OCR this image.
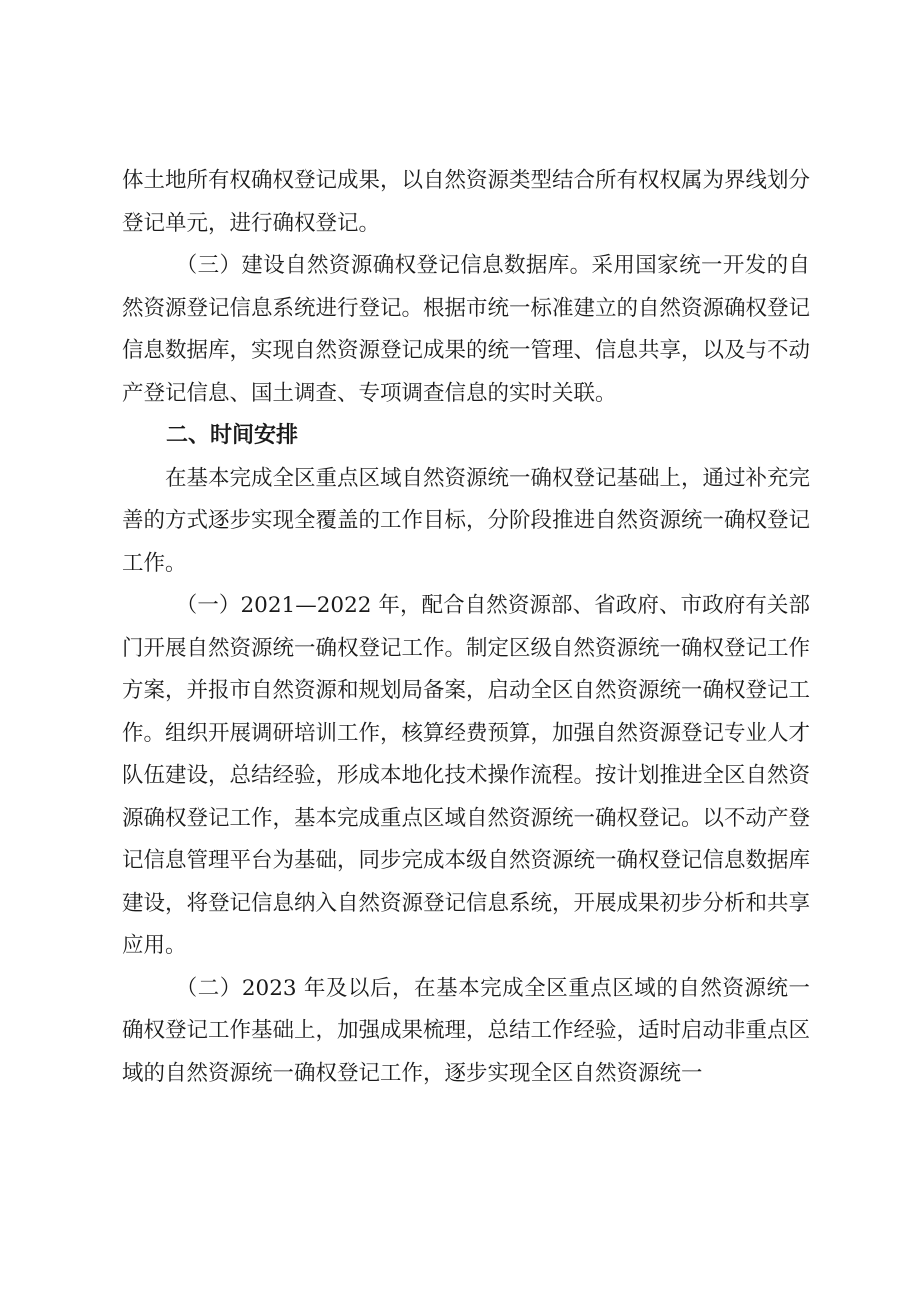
体土地所有权确权登记成果，以自然资源类型结合所有权权属为界线划分登记单元，进行确权登记。

（三）建设自然资源确权登记信息数据库。采用国家统一开发的自然资源登记信息系统进行登记。根据市统一标准建立的自然资源确权登记信息数据库，实现自然资源登记成果的统一管理、信息共享，以及与不动产登记信息、国土调查、专项调查信息的实时关联。

二、时间安排

在基本完成全区重点区域自然资源统一确权登记基础上，通过补充完善的方式逐步实现全覆盖的工作目标，分阶段推进自然资源统一确权登记工作。

（一）2021—2022 年，配合自然资源部、省政府、市政府有关部门开展自然资源统一确权登记工作。制定区级自然资源统一确权登记工作方案，并报市自然资源和规划局备案，启动全区自然资源统一确权登记工作。组织开展调研培训工作，核算经费预算，加强自然资源登记专业人才队伍建设，总结经验，形成本地化技术操作流程。按计划推进全区自然资源确权登记工作，基本完成重点区域自然资源统一确权登记。以不动产登记信息管理平台为基础，同步完成本级自然资源统一确权登记信息数据库建设，将登记信息纳入自然资源登记信息系统，开展成果初步分析和共享应用。

（二）2023 年及以后，在基本完成全区重点区域的自然资源统一确权登记工作基础上，加强成果梳理，总结工作经验，适时启动非重点区域的自然资源统一确权登记工作，逐步实现全区自然资源统一
